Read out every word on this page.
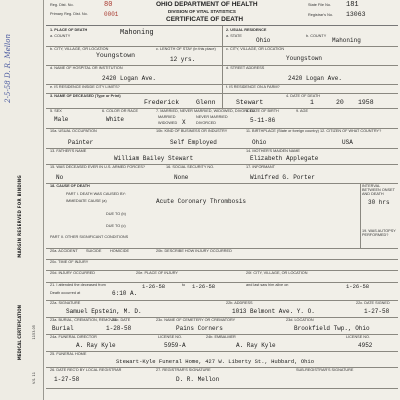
2-5-58 D. R. Mellon
MARGIN RESERVED FOR BINDING
MEDICAL CERTIFICATION
V.S. 11
1153.05
Reg. Dist. No.	80
Primary Reg. Dist. No.	0001
OHIO DEPARTMENT OF HEALTH
DIVISION OF VITAL STATISTICS
CERTIFICATE OF DEATH
State File No. 181
Registrar's No. 13063
1. PLACE OF DEATH
a. COUNTY	Mahoning	2. USUAL RESIDENCE
a. STATE
Ohio
b. COUNTY
Mahoning
b. CITY, VILLAGE, OR LOCATION
Youngstown
c. LENGTH OF STAY (in this place)
12 yrs.
c. CITY, VILLAGE, OR LOCATION
Youngstown
d. NAME OF HOSPITAL OR INSTITUTION
2420 Logan Ave.
d. STREET ADDRESS
2420 Logan Ave.
e. IS RESIDENCE INSIDE CITY LIMITS?	f. IS RESIDENCE ON A FARM?
3. NAME OF DECEASED (Type or Print)
Frederick	Glenn	Stewart
4. DATE OF DEATH
1	20 1958
5. SEX
Male
6. COLOR OR RACE
White
7. MARRIED, NEVER MARRIED, WIDOWED, DIVORCED
MARRIED	NEVER MARRIED
WIDOWED	DIVORCED
X
8. DATE OF BIRTH
5-11-86
9. AGE
10a. USUAL OCCUPATION
Painter
10b. KIND OF BUSINESS OR INDUSTRY
Self Employed
11. BIRTHPLACE (State or foreign country)
Ohio
12. CITIZEN OF WHAT COUNTRY?
USA
13. FATHER'S NAME
William Bailey Stewart
14. MOTHER'S MAIDEN NAME
Elizabeth Applegate
15. WAS DECEASED EVER IN U.S. ARMED FORCES?
No
16. SOCIAL SECURITY NO.
None
17. INFORMANT
Winifred G. Porter
18. CAUSE OF DEATH
PART I. DEATH WAS CAUSED BY:
IMMEDIATE CAUSE (a)	Acute Coronary Thrombosis
DUE TO (b)
DUE TO (c)
PART II. OTHER SIGNIFICANT CONDITIONS
INTERVAL BETWEEN ONSET AND DEATH
30 hrs
19. WAS AUTOPSY PERFORMED?
20a. ACCIDENT SUICIDE HOMICIDE	20b. DESCRIBE HOW INJURY OCCURRED
20c. TIME OF INJURY
20d. INJURY OCCURRED	20e. PLACE OF INJURY	20f. CITY, VILLAGE, OR LOCATION
21. I attended the deceased from	1-26-58	to 1-26-58	and last saw him alive on	1-26-58
Death occurred at	6:10 A.
22a. SIGNATURE	22b. ADDRESS	22c. DATE SIGNED
Samuel Epstein, M. D.	1013 Belmont Ave. Y. O.	1-27-58
23a. BURIAL, CREMATION, REMOVAL
23b. DATE	23c. NAME OF CEMETERY OR CREMATORY	23d. LOCATION
Burial	1-28-58	Pains Corners	Brookfield Twp., Ohio
24a. FUNERAL DIRECTOR	LICENSE NO.	24b. EMBALMER	LICENSE NO.
A. Ray Kyle	5959-A	A. Ray Kyle	4952
25. FUNERAL HOME
Stewart-Kyle Funeral Home, 427 W. Liberty St., Hubbard, Ohio
26. DATE REC'D BY LOCAL REGISTRAR	27. REGISTRAR'S SIGNATURE	SUB-REGISTRAR'S SIGNATURE
1-27-58	D. R. Mellon
